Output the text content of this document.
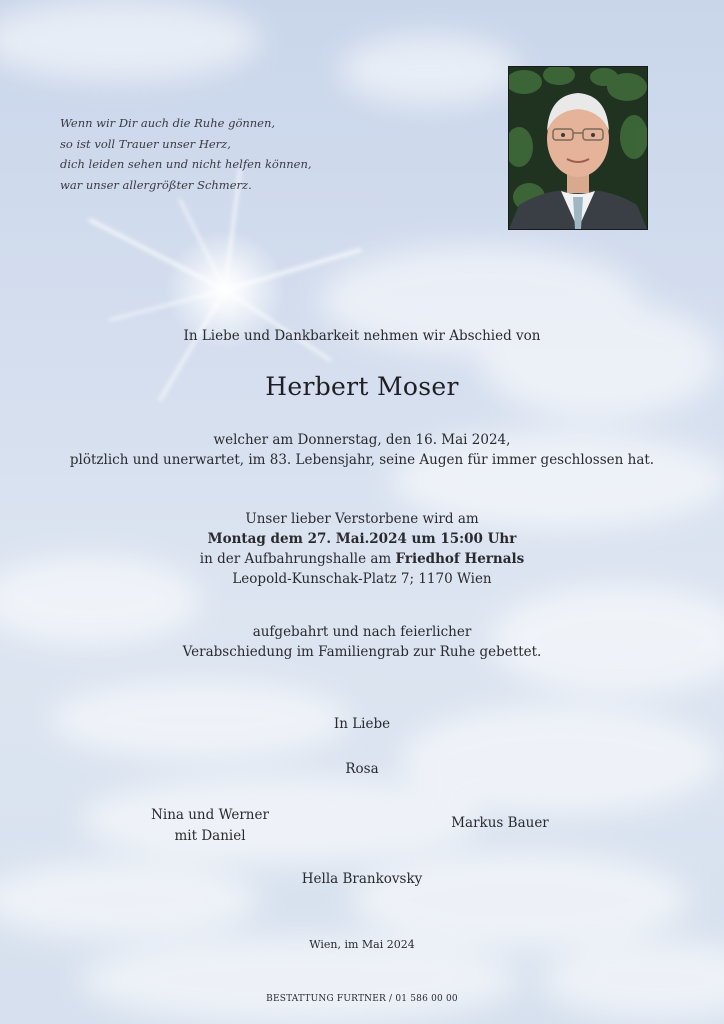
Wenn wir Dir auch die Ruhe gönnen,
so ist voll Trauer unser Herz,
dich leiden sehen und nicht helfen können,
war unser allergrößter Schmerz.
In Liebe und Dankbarkeit nehmen wir Abschied von
Herbert Moser
welcher am Donnerstag, den 16. Mai 2024,
plötzlich und unerwartet, im 83. Lebensjahr, seine Augen für immer geschlossen hat.
Unser lieber Verstorbene wird am
Montag dem 27. Mai.2024 um 15:00 Uhr
in der Aufbahrungshalle am Friedhof Hernals
Leopold-Kunschak-Platz 7; 1170 Wien
aufgebahrt und nach feierlicher
Verabschiedung im Familiengrab zur Ruhe gebettet.
In Liebe
Rosa
Nina und Werner
mit Daniel
Markus Bauer
Hella Brankovsky
Wien, im Mai 2024
BESTATTUNG FURTNER / 01 586 00 00
